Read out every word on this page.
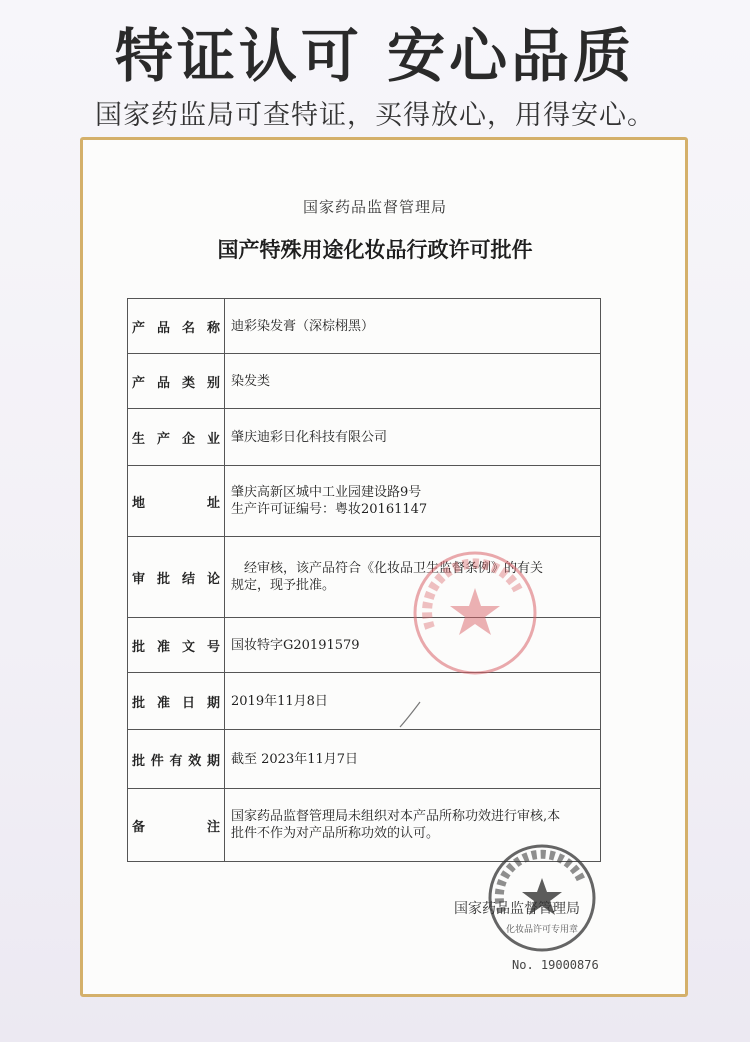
特证认可 安心品质
国家药监局可查特证，买得放心，用得安心。
国家药品监督管理局
国产特殊用途化妆品行政许可批件
产品名称	迪彩染发膏（深棕栩黑）

产品类别	染发类

生产企业	肇庆迪彩日化科技有限公司

地址	肇庆高新区城中工业园建设路9号
生产许可证编号：粤妆20161147

审批结论	　经审核，该产品符合《化妆品卫生监督条例》的有关
规定，现予批准。

批准文号	国妆特字G20191579

批准日期	2019年11月8日

批件有效期	截至 2023年11月7日

备注	国家药品监督管理局未组织对本产品所称功效进行审核,本
批件不作为对产品所称功效的认可。
国家药品监督管理局
化妆品许可专用章
No. 19000876
